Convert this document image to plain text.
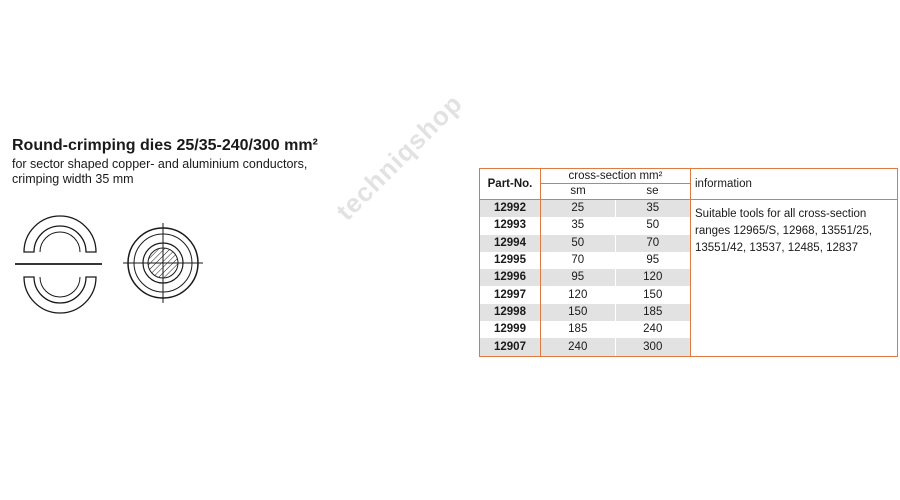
Round-crimping dies 25/35-240/300 mm²
for sector shaped copper- and aluminium conductors,
crimping width 35 mm	techniqshop Part-No.	cross-section mm²		information
	sm	se	
12992	25	35	Suitable tools for all cross-section
ranges 12965/S, 12968, 13551/25,
13551/42, 13537, 12485, 12837

12993	35	50	
12994	50	70	
12995	70	95	
12996	95	120	
12997	120	150	
12998	150	185	
12999	185	240	
12907	240	300	
